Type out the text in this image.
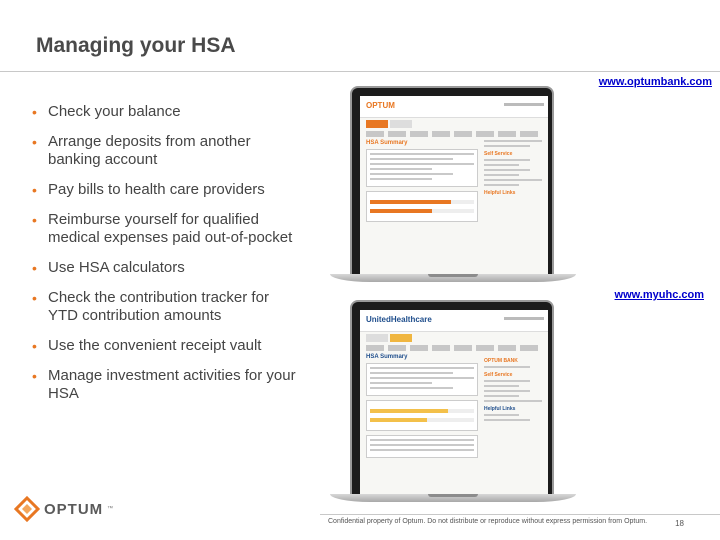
Managing your HSA
• Check your balance
• Arrange deposits from another banking account
• Pay bills to health care providers
• Reimburse yourself for qualified medical expenses paid out-of-pocket
• Use HSA calculators
• Check the contribution tracker for YTD contribution amounts
• Use the convenient receipt vault
• Manage investment activities for your HSA
www.optumbank.com
www.myuhc.com
OPTUM
HSA Summary
Self Service
Helpful Links
UnitedHealthcare
HSA Summary
OPTUM BANK
Self Service
Helpful Links
OPTUM ™
Confidential property of Optum. Do not distribute or reproduce without express permission from Optum.	18
